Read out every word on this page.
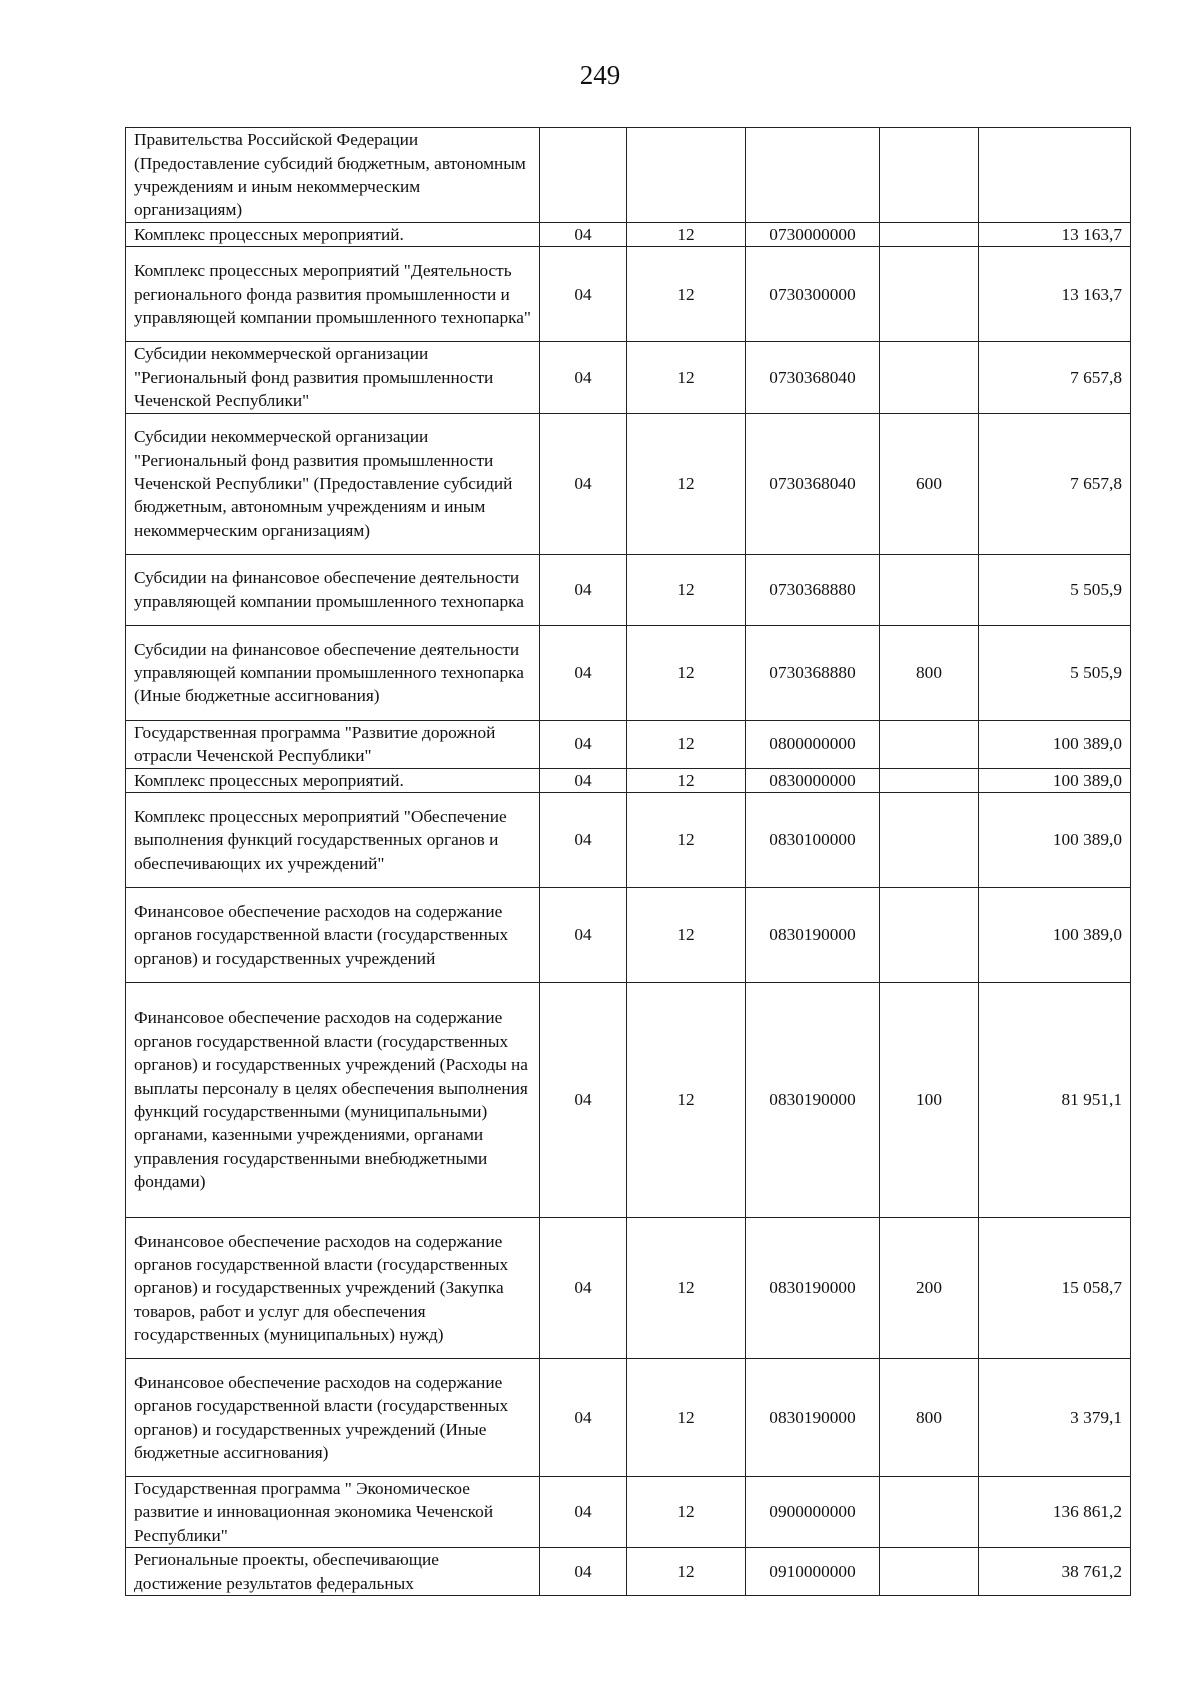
249
Правительства Российской Федерации (Предоставление субсидий бюджетным, автономным учреждениям и иным некоммерческим организациям)					
Комплекс процессных мероприятий.	04	12	0730000000		13 163,7
Комплекс процессных мероприятий "Деятельность регионального фонда развития промышленности и управляющей компании промышленного технопарка"	04	12	0730300000		13 163,7
Субсидии некоммерческой организации "Региональный фонд развития промышленности Чеченской Республики"	04	12	0730368040		7 657,8
Субсидии некоммерческой организации "Региональный фонд развития промышленности Чеченской Республики" (Предоставление субсидий бюджетным, автономным учреждениям и иным некоммерческим организациям)	04	12	0730368040	600	7 657,8
Субсидии на финансовое обеспечение деятельности управляющей компании промышленного технопарка	04	12	0730368880		5 505,9
Субсидии на финансовое обеспечение деятельности управляющей компании промышленного технопарка (Иные бюджетные ассигнования)	04	12	0730368880	800	5 505,9
Государственная программа "Развитие дорожной отрасли Чеченской Республики"	04	12	0800000000		100 389,0
Комплекс процессных мероприятий.	04	12	0830000000		100 389,0
Комплекс процессных мероприятий "Обеспечение выполнения функций государственных органов и обеспечивающих их учреждений"	04	12	0830100000		100 389,0
Финансовое обеспечение расходов на содержание органов государственной власти (государственных органов) и государственных учреждений	04	12	0830190000		100 389,0
Финансовое обеспечение расходов на содержание органов государственной власти (государственных органов) и государственных учреждений (Расходы на выплаты персоналу в целях обеспечения выполнения функций государственными (муниципальными) органами, казенными учреждениями, органами управления государственными внебюджетными фондами)	04	12	0830190000	100	81 951,1
Финансовое обеспечение расходов на содержание органов государственной власти (государственных органов) и государственных учреждений (Закупка товаров, работ и услуг для обеспечения государственных (муниципальных) нужд)	04	12	0830190000	200	15 058,7
Финансовое обеспечение расходов на содержание органов государственной власти (государственных органов) и государственных учреждений (Иные бюджетные ассигнования)	04	12	0830190000	800	3 379,1
Государственная программа " Экономическое развитие и инновационная экономика Чеченской Республики"	04	12	0900000000		136 861,2
Региональные проекты, обеспечивающие достижение результатов федеральных	04	12	0910000000		38 761,2
